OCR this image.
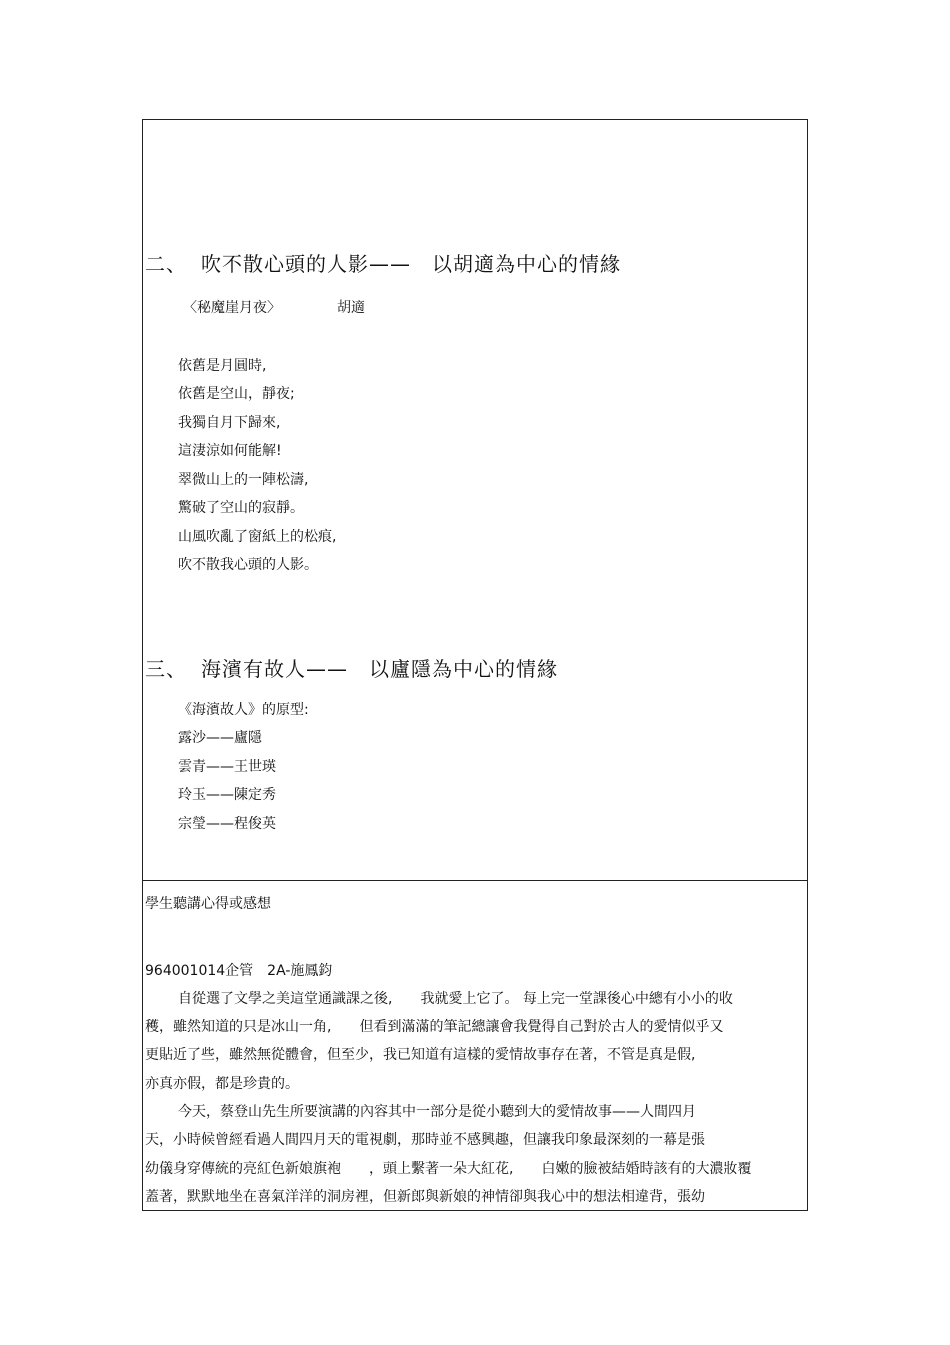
二、 吹不散心頭的人影——　以胡適為中心的情緣
〈秘魔崖月夜〉	胡適
依舊是月圓時,
依舊是空山，靜夜;
我獨自月下歸來,
這淒涼如何能解!
翠微山上的一陣松濤,
驚破了空山的寂靜。
山風吹亂了窗紙上的松痕,
吹不散我心頭的人影。
三、 海濱有故人——　以廬隱為中心的情緣
《海濱故人》的原型:
露沙——廬隱
雲青——王世瑛
玲玉——陳定秀
宗瑩——程俊英
學生聽講心得或感想
964001014企管　2A-施鳳鈞
自從選了文學之美這堂通識課之後,　　我就愛上它了。 每上完一堂課後心中總有小小的收
穫，雖然知道的只是冰山一角,　　但看到滿滿的筆記總讓會我覺得自己對於古人的愛情似乎又
更貼近了些，雖然無從體會，但至少，我已知道有這樣的愛情故事存在著，不管是真是假,
亦真亦假，都是珍貴的。
今天，蔡登山先生所要演講的內容其中一部分是從小聽到大的愛情故事——人間四月
天，小時候曾經看過人間四月天的電視劇，那時並不感興趣，但讓我印象最深刻的一幕是張
幼儀身穿傳統的亮紅色新娘旗袍　　，頭上繫著一朵大紅花,　　白嫩的臉被結婚時該有的大濃妝覆
蓋著，默默地坐在喜氣洋洋的洞房裡，但新郎與新娘的神情卻與我心中的想法相違背，張幼
